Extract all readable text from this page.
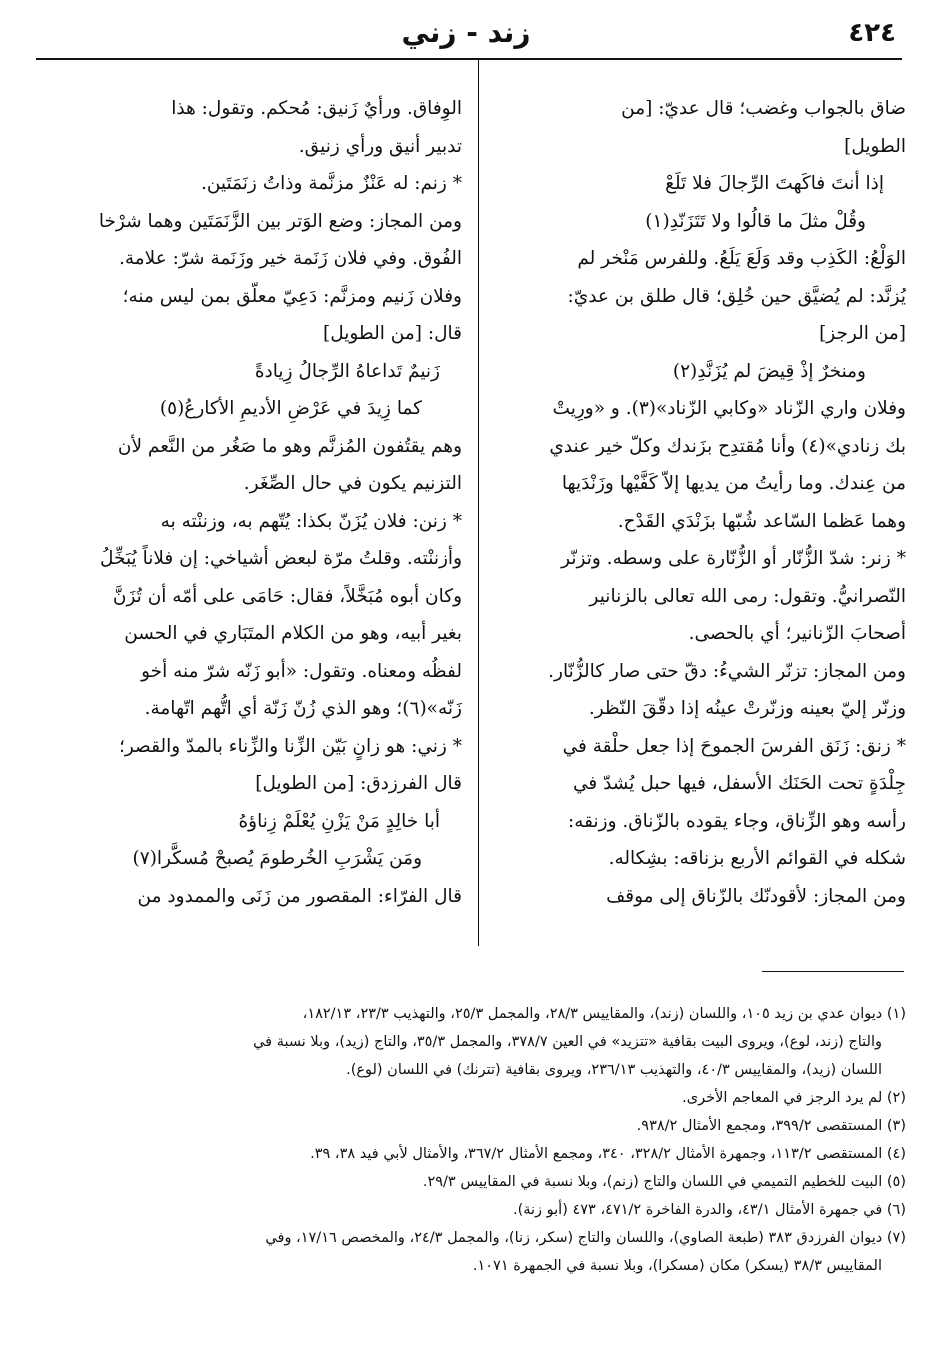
٤٢٤
زند - زني
ضاق بالجواب وغضب؛ قال عديّ: [من
الطويل]
إذا أنتَ فاكَهتَ الرِّجالَ فلا تَلَعْ
وقُلْ مثلَ ما قالُوا ولا تَتَزَنّدِ(١)
الوَلْعُ: الكَذِب وقد وَلَعَ يَلَعُ. وللفرس مَنْخر لم
يُزنَّد: لم يُضيَّق حين خُلِق؛ قال طلق بن عديّ:
[من الرجز]
ومنخرٌ إذْ قِيضَ لم يُزَنَّدِ(٢)
وفلان واري الزّناد «وكابي الزّناد»(٣). و «ورِيتْ
بك زنادي»(٤) وأنا مُقتدِح بزَندك وكلّ خير عندي
من عِندك. وما رأيتُ من يديها إلاّ كَفَّيْها وزَنْدَيها
وهما عَظما السّاعد شُبّها بزَنْدَي القَدْح.
* زنر: شدّ الزُّنّار أو الزُّنّارة على وسطه. وتزنّر
النّصرانيُّ. وتقول: رمى الله تعالى بالزنانير
أصحابَ الزّنانير؛ أي بالحصى.
ومن المجاز: تزنّر الشيءُ: دقّ حتى صار كالزُّنّار.
وزنّر إليّ بعينه وزنّرتْ عينُه إذا دقّقَ النّظر.
* زنق: زَنَق الفرسَ الجموحَ إذا جعل حلْقة في
جِلْدَةٍ تحت الحَنَك الأسفل، فيها حبل يُشدّ في
رأسه وهو الزِّناق، وجاء يقوده بالزّناق. وزنقه:
شكله في القوائم الأربع بزناقه: بشِكاله.
ومن المجاز: لأقودنّك بالزّناق إلى موقف
الوِفاق. ورأيٌ زَنيق: مُحكم. وتقول: هذا
تدبير أنيق ورأي زنيق.
* زنم: له عَنْزٌ مزنَّمة وذاتُ زنَمَتَين.
ومن المجاز: وضع الوَتر بين الزَّنَمَتَين وهما شرْخا
الفُوق. وفي فلان زَنَمة خير وزَنَمة شرّ: علامة.
وفلان زَنيم ومزنَّم: دَعِيّ معلّق بمن ليس منه؛
قال: [من الطويل]
زَنيمٌ تَداعاهُ الرِّجالُ زِيادةً
كما زِيدَ في عَرْضِ الأديمِ الأكارعُ(٥)
وهم يقتُفون المُزنَّم وهو ما صَغُر من النَّعم لأن
التزنيم يكون في حال الصِّغَر.
* زنن: فلان يُزَنّ بكذا: يُتّهم به، وزننْته به
وأزننْته. وقلتُ مرّة لبعض أشياخي: إن فلاناً يُبَخِّلُ
وكان أبوه مُبَخَّلاً، فقال: حَامَى على أمّه أن تُزَنَّ
بغير أبيه، وهو من الكلام المتَبَاري في الحسن
لفظُه ومعناه. وتقول: «أبو زَنّه شرّ منه أخو
زَنّه»(٦)؛ وهو الذي زُنّ زَنّة أي اتُّهم اتّهامة.
* زني: هو زانٍ بَيّن الزِّنا والزِّناء بالمدّ والقصر؛
قال الفرزدق: [من الطويل]
أبا خالِدٍ مَنْ يَزْنِ يُعْلَمْ زِناؤهُ
ومَن يَشْرَبِ الخُرطومَ يُصبحْ مُسكَّرا(٧)
قال الفرّاء: المقصور من زَنَى والممدود من
(١) ديوان عدي بن زيد ١٠٥، واللسان (زند)، والمقاييس ٢٨/٣، والمجمل ٢٥/٣، والتهذيب ٢٣/٣، ١٨٢/١٣،
والتاج (زند، لوع)، ويروى البيت بقافية «تتزيد» في العين ٣٧٨/٧، والمجمل ٣٥/٣، والتاج (زيد)، وبلا نسبة في
اللسان (زيد)، والمقاييس ٤٠/٣، والتهذيب ٢٣٦/١٣، ويروى بقافية (تترنك) في اللسان (لوع).
(٢) لم يرد الرجز في المعاجم الأخرى.
(٣) المستقصى ٣٩٩/٢، ومجمع الأمثال ٩٣٨/٢.
(٤) المستقصى ١١٣/٢، وجمهرة الأمثال ٣٢٨/٢، ٣٤٠، ومجمع الأمثال ٣٦٧/٢، والأمثال لأبي فيد ٣٨، ٣٩.
(٥) البيت للخطيم التميمي في اللسان والتاج (زنم)، وبلا نسبة في المقاييس ٢٩/٣.
(٦) في جمهرة الأمثال ٤٣/١، والدرة الفاخرة ٤٧١/٢، ٤٧٣ (أبو زنة).
(٧) ديوان الفرزدق ٣٨٣ (طبعة الصاوي)، واللسان والتاج (سكر، زنا)، والمجمل ٢٤/٣، والمخصص ١٧/١٦، وفي
المقاييس ٣٨/٣ (يسكر) مكان (مسكرا)، وبلا نسبة في الجمهرة ١٠٧١.
